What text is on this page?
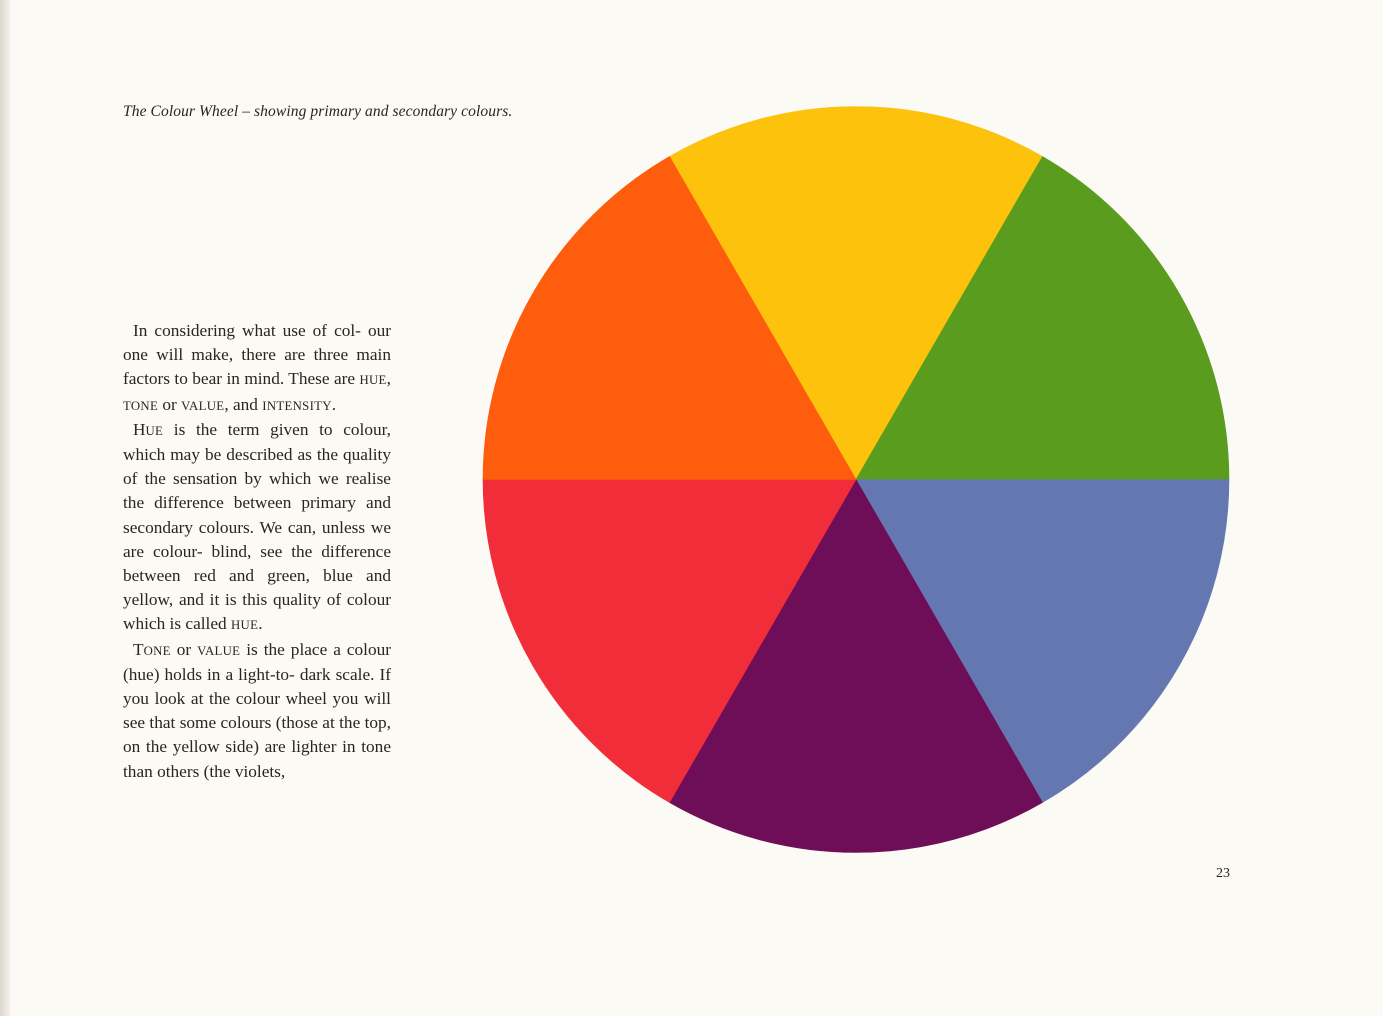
The Colour Wheel – showing primary and secondary colours.

In considering what use of col- our one will make, there are three main factors to bear in mind. These are HUE, TONE or VALUE, and INTENSITY.

HUE is the term given to colour, which may be described as the quality of the sensation by which we realise the difference between primary and secondary colours. We can, unless we are colour- blind, see the difference between red and green, blue and yellow, and it is this quality of colour which is called HUE.

TONE or VALUE is the place a colour (hue) holds in a light-to- dark scale. If you look at the colour wheel you will see that some colours (those at the top, on the yellow side) are lighter in tone than others (the violets,

23
